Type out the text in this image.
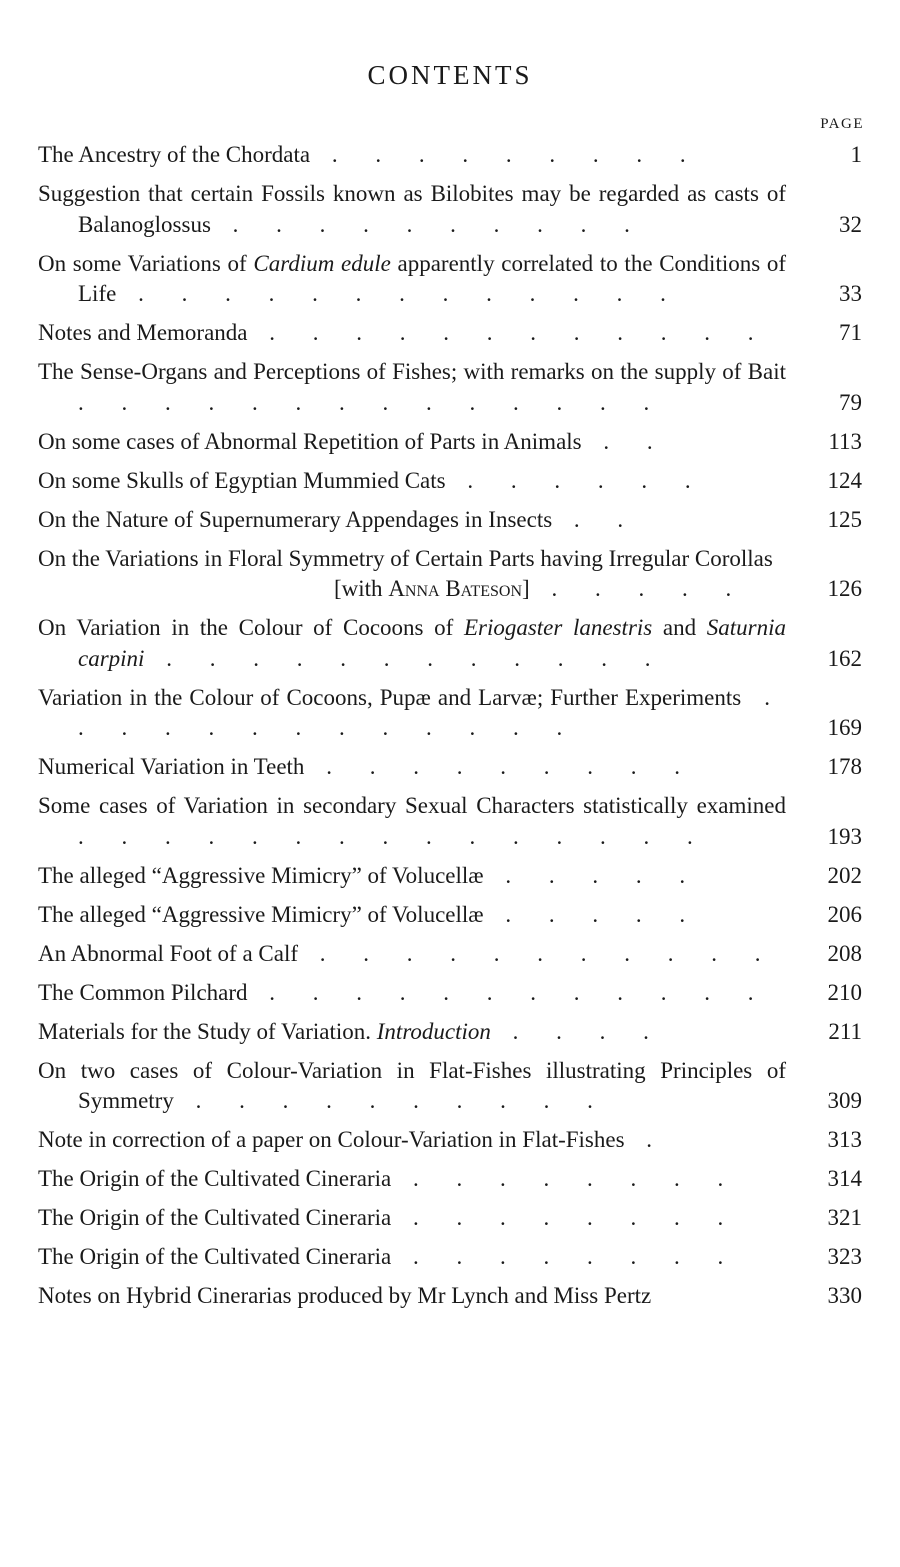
CONTENTS
PAGE
The Ancestry of the Chordata . . . . . . . . .	1
Suggestion that certain Fossils known as Bilobites may be regarded as casts of Balanoglossus . . . . . . . . . .	32
On some Variations of Cardium edule apparently correlated to the Conditions of Life . . . . . . . . . . . . .	33
Notes and Memoranda . . . . . . . . . . . .	71
The Sense-Organs and Perceptions of Fishes; with remarks on the supply of Bait . . . . . . . . . . . . . .	79
On some cases of Abnormal Repetition of Parts in Animals . .	113
On some Skulls of Egyptian Mummied Cats . . . . . .	124
On the Nature of Supernumerary Appendages in Insects . .	125
On the Variations in Floral Symmetry of Certain Parts having Irregular Corollas
[with Anna Bateson] . . . . .	126
On Variation in the Colour of Cocoons of Eriogaster lanestris and Saturnia carpini . . . . . . . . . . . .	162
Variation in the Colour of Cocoons, Pupæ and Larvæ; Further Experiments . . . . . . . . . . . . .	169
Numerical Variation in Teeth . . . . . . . . .	178
Some cases of Variation in secondary Sexual Characters statistically examined . . . . . . . . . . . . . . .	193
The alleged “Aggressive Mimicry” of Volucellæ . . . . .	202
The alleged “Aggressive Mimicry” of Volucellæ . . . . .	206
An Abnormal Foot of a Calf . . . . . . . . . . .	208
The Common Pilchard . . . . . . . . . . . .	210
Materials for the Study of Variation. Introduction . . . .	211
On two cases of Colour-Variation in Flat-Fishes illustrating Principles of Symmetry . . . . . . . . . .	309
Note in correction of a paper on Colour-Variation in Flat-Fishes .	313
The Origin of the Cultivated Cineraria . . . . . . . .	314
The Origin of the Cultivated Cineraria . . . . . . . .	321
The Origin of the Cultivated Cineraria . . . . . . . .	323
Notes on Hybrid Cinerarias produced by Mr Lynch and Miss Pertz	330
